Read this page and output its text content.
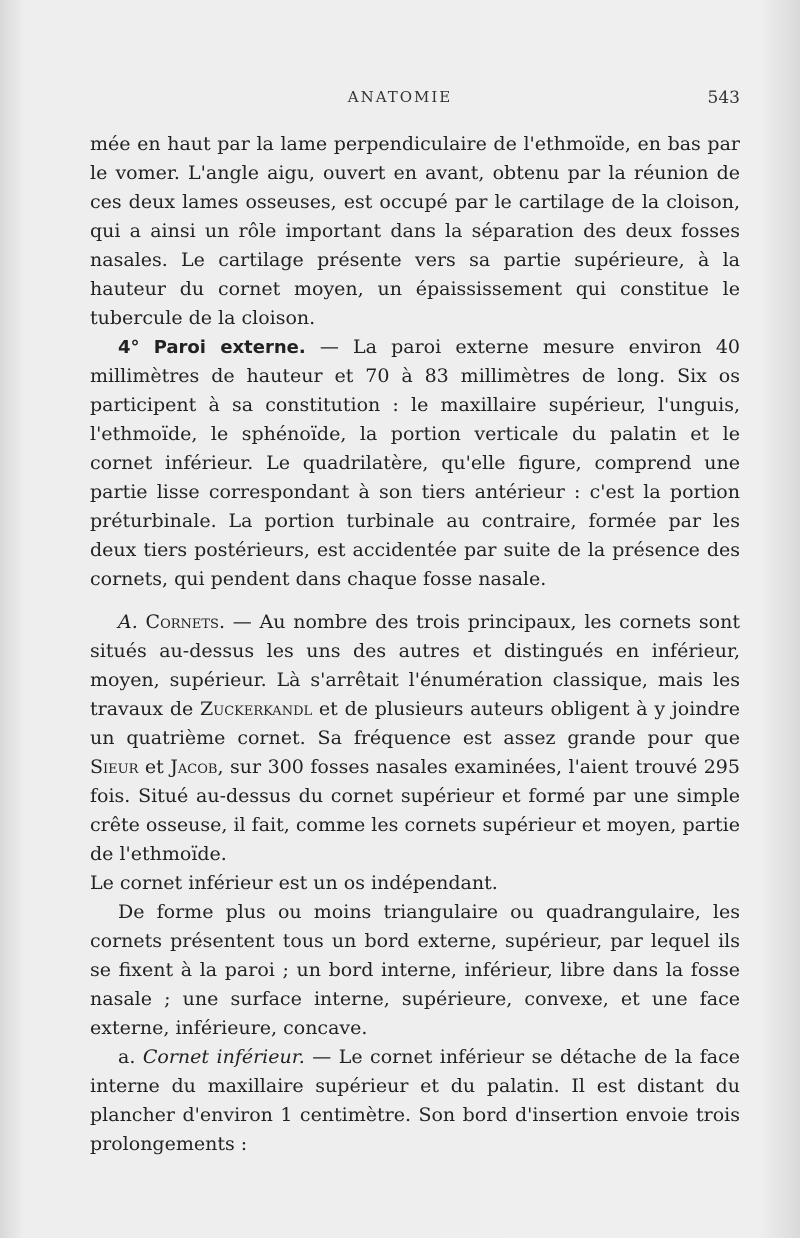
ANATOMIE	543

mée en haut par la lame perpendiculaire de l'ethmoïde, en bas par le vomer. L'angle aigu, ouvert en avant, obtenu par la réunion de ces deux lames osseuses, est occupé par le cartilage de la cloison, qui a ainsi un rôle important dans la séparation des deux fosses nasales. Le cartilage présente vers sa partie supérieure, à la hauteur du cornet moyen, un épaississement qui constitue le tubercule de la cloison.

4° Paroi externe. — La paroi externe mesure environ 40 millimètres de hauteur et 70 à 83 millimètres de long. Six os participent à sa constitution : le maxillaire supérieur, l'unguis, l'ethmoïde, le sphénoïde, la portion verticale du palatin et le cornet inférieur. Le quadrilatère, qu'elle figure, comprend une partie lisse correspondant à son tiers antérieur : c'est la portion préturbinale. La portion turbinale au contraire, formée par les deux tiers postérieurs, est accidentée par suite de la présence des cornets, qui pendent dans chaque fosse nasale.

A. Cornets. — Au nombre des trois principaux, les cornets sont situés au-dessus les uns des autres et distingués en inférieur, moyen, supérieur. Là s'arrêtait l'énumération classique, mais les travaux de Zuckerkandl et de plusieurs auteurs obligent à y joindre un quatrième cornet. Sa fréquence est assez grande pour que Sieur et Jacob, sur 300 fosses nasales examinées, l'aient trouvé 295 fois. Situé au-dessus du cornet supérieur et formé par une simple crête osseuse, il fait, comme les cornets supérieur et moyen, partie de l'ethmoïde.

Le cornet inférieur est un os indépendant.

De forme plus ou moins triangulaire ou quadrangulaire, les cornets présentent tous un bord externe, supérieur, par lequel ils se fixent à la paroi ; un bord interne, inférieur, libre dans la fosse nasale ; une surface interne, supérieure, convexe, et une face externe, inférieure, concave.

a. Cornet inférieur. — Le cornet inférieur se détache de la face interne du maxillaire supérieur et du palatin. Il est distant du plancher d'environ 1 centimètre. Son bord d'insertion envoie trois prolongements :
